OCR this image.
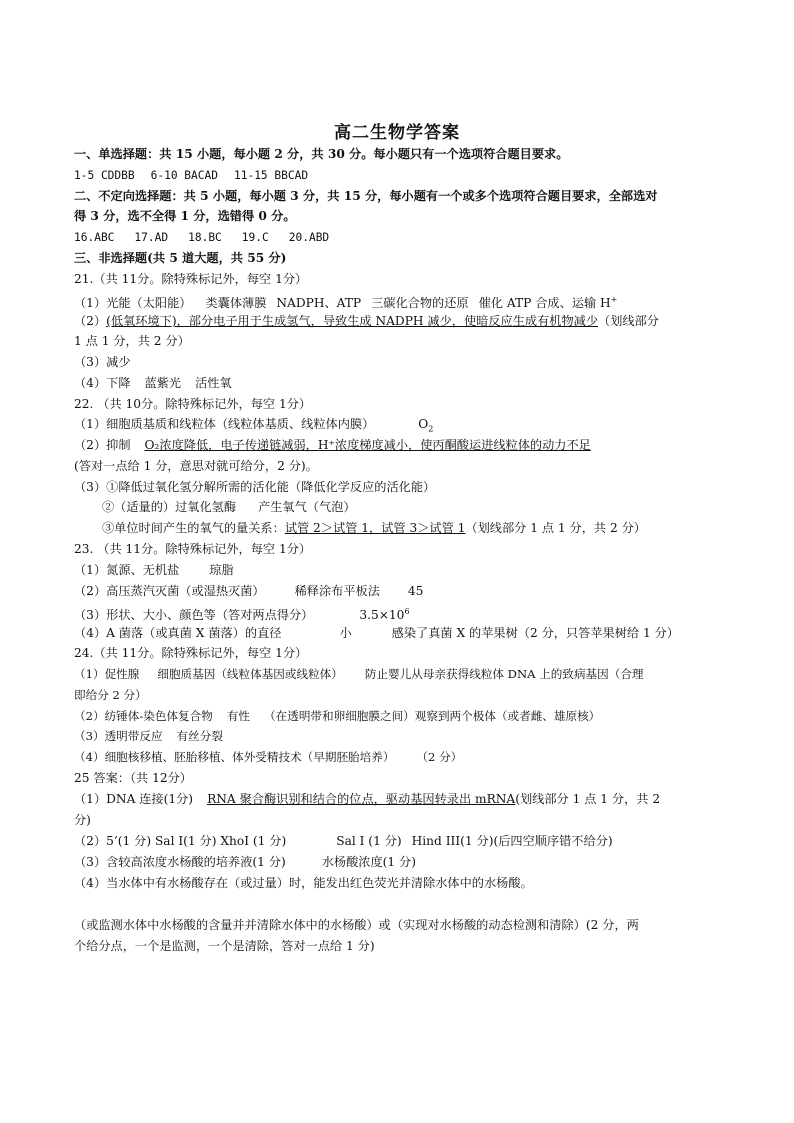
高二生物学答案
一、单选择题：共 15 小题，每小题 2 分，共 30 分。每小题只有一个选项符合题目要求。
1-5 CDDBB 6-10 BACAD 11-15 BBCAD
二、不定向选择题：共 5 小题，每小题 3 分，共 15 分，每小题有一个或多个选项符合题目要求，全部选对
得 3 分，选不全得 1 分，选错得 0 分。
16.ABC 17.AD 18.BC 19.C 20.ABD
三、非选择题(共 5 道大题，共 55 分)
21.（共 11分。除特殊标记外，每空 1分）
（1）光能（太阳能） 类囊体薄膜 NADPH、ATP 三碳化合物的还原 催化 ATP 合成、运输 H+
（2）(低氧环境下)，部分电子用于生成氢气，导致生成 NADPH 减少，使暗反应生成有机物减少（划线部分
1 点 1 分，共 2 分）
（3）减少
（4）下降 蓝紫光 活性氧
22. （共 10分。除特殊标记外，每空 1分）
（1）细胞质基质和线粒体（线粒体基质、线粒体内膜）	$O_2$
（2）抑制 O₂浓度降低，电子传递链减弱，H⁺浓度梯度减小，使丙酮酸运进线粒体的动力不足
(答对一点给 1 分，意思对就可给分，2 分)。
（3）①降低过氧化氢分解所需的活化能（降低化学反应的活化能）
②（适量的）过氧化氢酶 产生氧气（气泡）
③单位时间产生的氧气的量关系：试管 2＞试管 1，试管 3＞试管 1（划线部分 1 点 1 分，共 2 分）
23. （共 11分。除特殊标记外，每空 1分）
（1）氮源、无机盐 琼脂
（2）高压蒸汽灭菌（或湿热灭菌） 稀释涂布平板法 45
（3）形状、大小、颜色等（答对两点得分）	$3.5\times 10^6$
（4）A 菌落（或真菌 X 菌落）的直径	小	感染了真菌 X 的苹果树（2 分，只答苹果树给 1 分）
24.（共 11分。除特殊标记外，每空 1分）
（1）促性腺 细胞质基因（线粒体基因或线粒体） 防止婴儿从母亲获得线粒体 DNA 上的致病基因（合理
即给分 2 分）
（2）纺锤体-染色体复合物 有性 （在透明带和卵细胞膜之间）观察到两个极体（或者雌、雄原核）
（3）透明带反应 有丝分裂
（4）细胞核移植、胚胎移植、体外受精技术（早期胚胎培养） （2 分）
25 答案：（共 12分）
（1）DNA 连接(1分) RNA 聚合酶识别和结合的位点，驱动基因转录出 mRNA(划线部分 1 点 1 分，共 2
分)
（2）5’(1 分) Sal I(1 分) XhoI (1 分)	Sal I (1 分) Hind III(1 分)(后四空顺序错不给分)
（3）含较高浓度水杨酸的培养液(1 分)	水杨酸浓度(1 分)
（4）当水体中有水杨酸存在（或过量）时，能发出红色荧光并清除水体中的水杨酸。
（或监测水体中水杨酸的含量并并清除水体中的水杨酸）或（实现对水杨酸的动态检测和清除）(2 分，两
个给分点，一个是监测，一个是清除，答对一点给 1 分)
